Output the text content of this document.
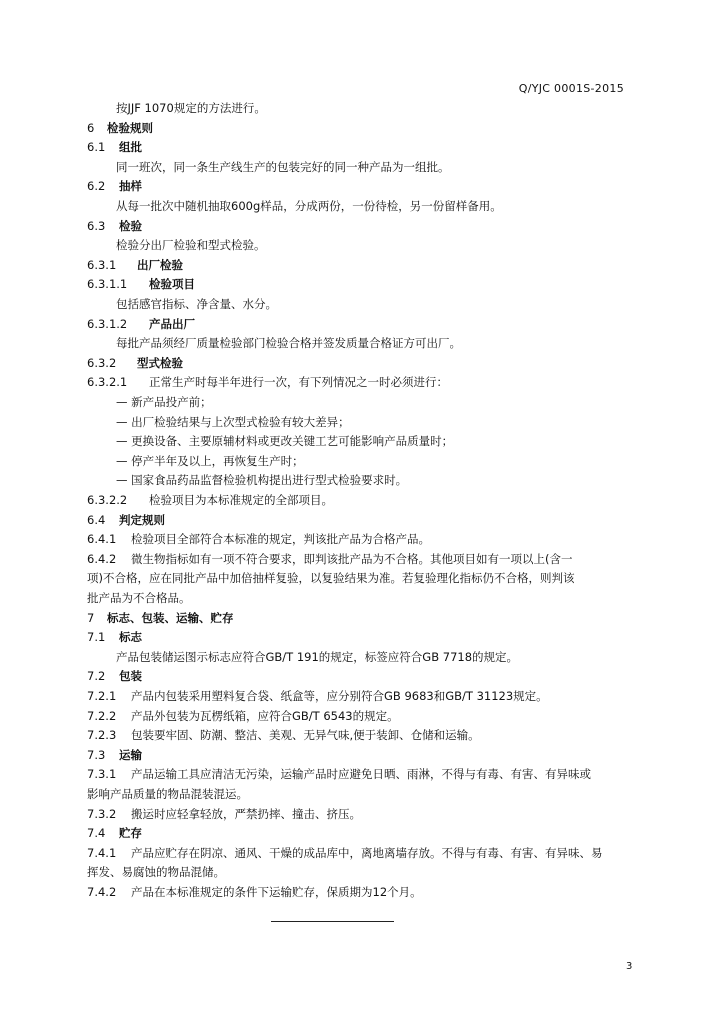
Q/YJC 0001S-2015
按JJF 1070规定的方法进行。
6 检验规则
6.1 组批
同一班次，同一条生产线生产的包装完好的同一种产品为一组批。
6.2 抽样
从每一批次中随机抽取600g样品，分成两份，一份待检，另一份留样备用。
6.3 检验
检验分出厂检验和型式检验。
6.3.1 出厂检验
6.3.1.1 检验项目
包括感官指标、净含量、水分。
6.3.1.2 产品出厂
每批产品须经厂质量检验部门检验合格并签发质量合格证方可出厂。
6.3.2 型式检验
6.3.2.1 正常生产时每半年进行一次，有下列情况之一时必须进行：
— 新产品投产前；
— 出厂检验结果与上次型式检验有较大差异；
— 更换设备、主要原辅材料或更改关键工艺可能影响产品质量时；
— 停产半年及以上，再恢复生产时；
— 国家食品药品监督检验机构提出进行型式检验要求时。
6.3.2.2 检验项目为本标准规定的全部项目。
6.4 判定规则
6.4.1 检验项目全部符合本标准的规定，判该批产品为合格产品。
6.4.2 微生物指标如有一项不符合要求，即判该批产品为不合格。其他项目如有一项以上(含一
项)不合格，应在同批产品中加倍抽样复验，以复验结果为准。若复验理化指标仍不合格，则判该
批产品为不合格品。
7 标志、包装、运输、贮存
7.1 标志
产品包装储运图示标志应符合GB/T 191的规定，标签应符合GB 7718的规定。
7.2 包装
7.2.1 产品内包装采用塑料复合袋、纸盒等，应分别符合GB 9683和GB/T 31123规定。
7.2.2 产品外包装为瓦楞纸箱，应符合GB/T 6543的规定。
7.2.3 包装要牢固、防潮、整洁、美观、无异气味,便于装卸、仓储和运输。
7.3 运输
7.3.1 产品运输工具应清洁无污染，运输产品时应避免日晒、雨淋，不得与有毒、有害、有异味或
影响产品质量的物品混装混运。
7.3.2 搬运时应轻拿轻放，严禁扔摔、撞击、挤压。
7.4 贮存
7.4.1 产品应贮存在阴凉、通风、干燥的成品库中，离地离墙存放。不得与有毒、有害、有异味、易
挥发、易腐蚀的物品混储。
7.4.2 产品在本标准规定的条件下运输贮存，保质期为12个月。
3
